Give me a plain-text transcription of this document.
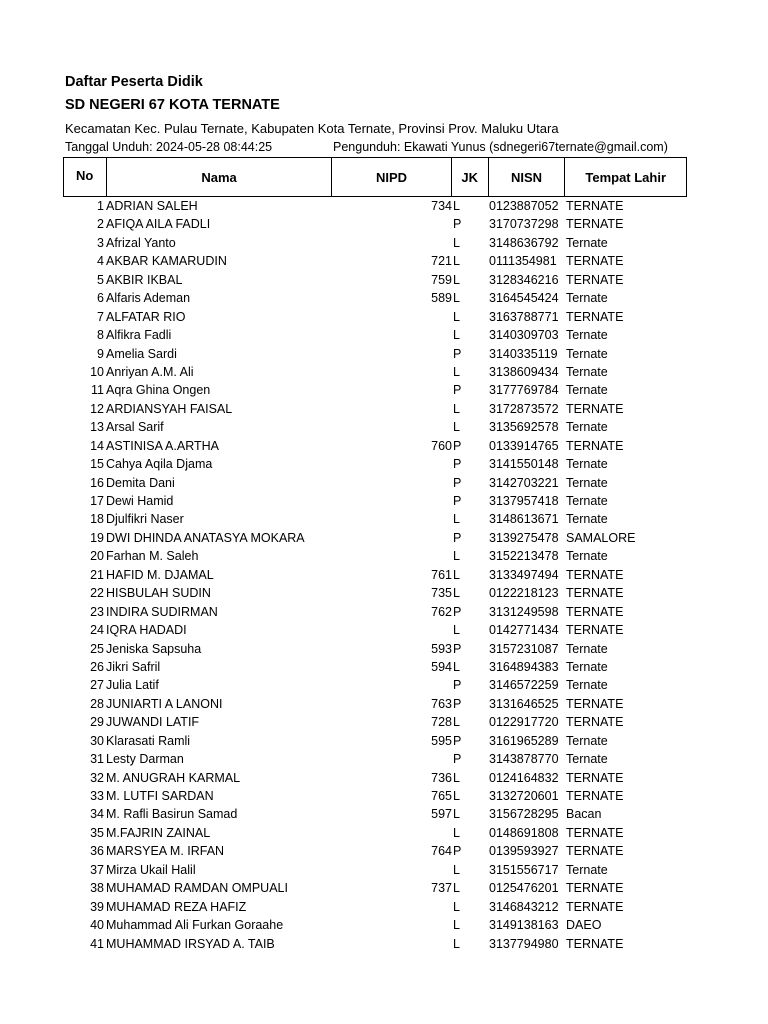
Daftar Peserta Didik
SD NEGERI 67 KOTA TERNATE
Kecamatan Kec. Pulau Ternate, Kabupaten Kota Ternate, Provinsi Prov. Maluku Utara
Tanggal Unduh: 2024-05-28 08:44:25	Pengunduh: Ekawati Yunus (sdnegeri67ternate@gmail.com)
No	Nama	NIPD	JK	NISN	Tempat Lahir
1 ADRIAN SALEH	734 L 0123887052 TERNATE
2 AFIQA AILA FADLI	P 3170737298 TERNATE
3 Afrizal Yanto	L 3148636792 Ternate
4 AKBAR KAMARUDIN	721 L 0111354981 TERNATE
5 AKBIR IKBAL	759 L 3128346216 TERNATE
6 Alfaris Ademan	589 L 3164545424 Ternate
7 ALFATAR RIO	L 3163788771 TERNATE
8 Alfikra Fadli	L 3140309703 Ternate
9 Amelia Sardi	P 3140335119 Ternate
10 Anriyan A.M. Ali	L 3138609434 Ternate
11 Aqra Ghina Ongen	P 3177769784 Ternate
12 ARDIANSYAH FAISAL	L 3172873572 TERNATE
13 Arsal Sarif	L 3135692578 Ternate
14 ASTINISA A.ARTHA	760 P 0133914765 TERNATE
15 Cahya Aqila Djama	P 3141550148 Ternate
16 Demita Dani	P 3142703221 Ternate
17 Dewi Hamid	P 3137957418 Ternate
18 Djulfikri Naser	L 3148613671 Ternate
19 DWI DHINDA ANATASYA MOKARA	P 3139275478 SAMALORE
20 Farhan M. Saleh	L 3152213478 Ternate
21 HAFID M. DJAMAL	761 L 3133497494 TERNATE
22 HISBULAH SUDIN	735 L 0122218123 TERNATE
23 INDIRA SUDIRMAN	762 P 3131249598 TERNATE
24 IQRA HADADI	L 0142771434 TERNATE
25 Jeniska Sapsuha	593 P 3157231087 Ternate
26 Jikri Safril	594 L 3164894383 Ternate
27 Julia Latif	P 3146572259 Ternate
28 JUNIARTI A LANONI	763 P 3131646525 TERNATE
29 JUWANDI LATIF	728 L 0122917720 TERNATE
30 Klarasati Ramli	595 P 3161965289 Ternate
31 Lesty Darman	P 3143878770 Ternate
32 M. ANUGRAH KARMAL	736 L 0124164832 TERNATE
33 M. LUTFI SARDAN	765 L 3132720601 TERNATE
34 M. Rafli Basirun Samad	597 L 3156728295 Bacan
35 M.FAJRIN ZAINAL	L 0148691808 TERNATE
36 MARSYEA M. IRFAN	764 P 0139593927 TERNATE
37 Mirza Ukail Halil	L 3151556717 Ternate
38 MUHAMAD RAMDAN OMPUALI	737 L 0125476201 TERNATE
39 MUHAMAD REZA HAFIZ	L 3146843212 TERNATE
40 Muhammad Ali Furkan Goraahe	L 3149138163 DAEO
41 MUHAMMAD IRSYAD A. TAIB	L 3137794980 TERNATE
